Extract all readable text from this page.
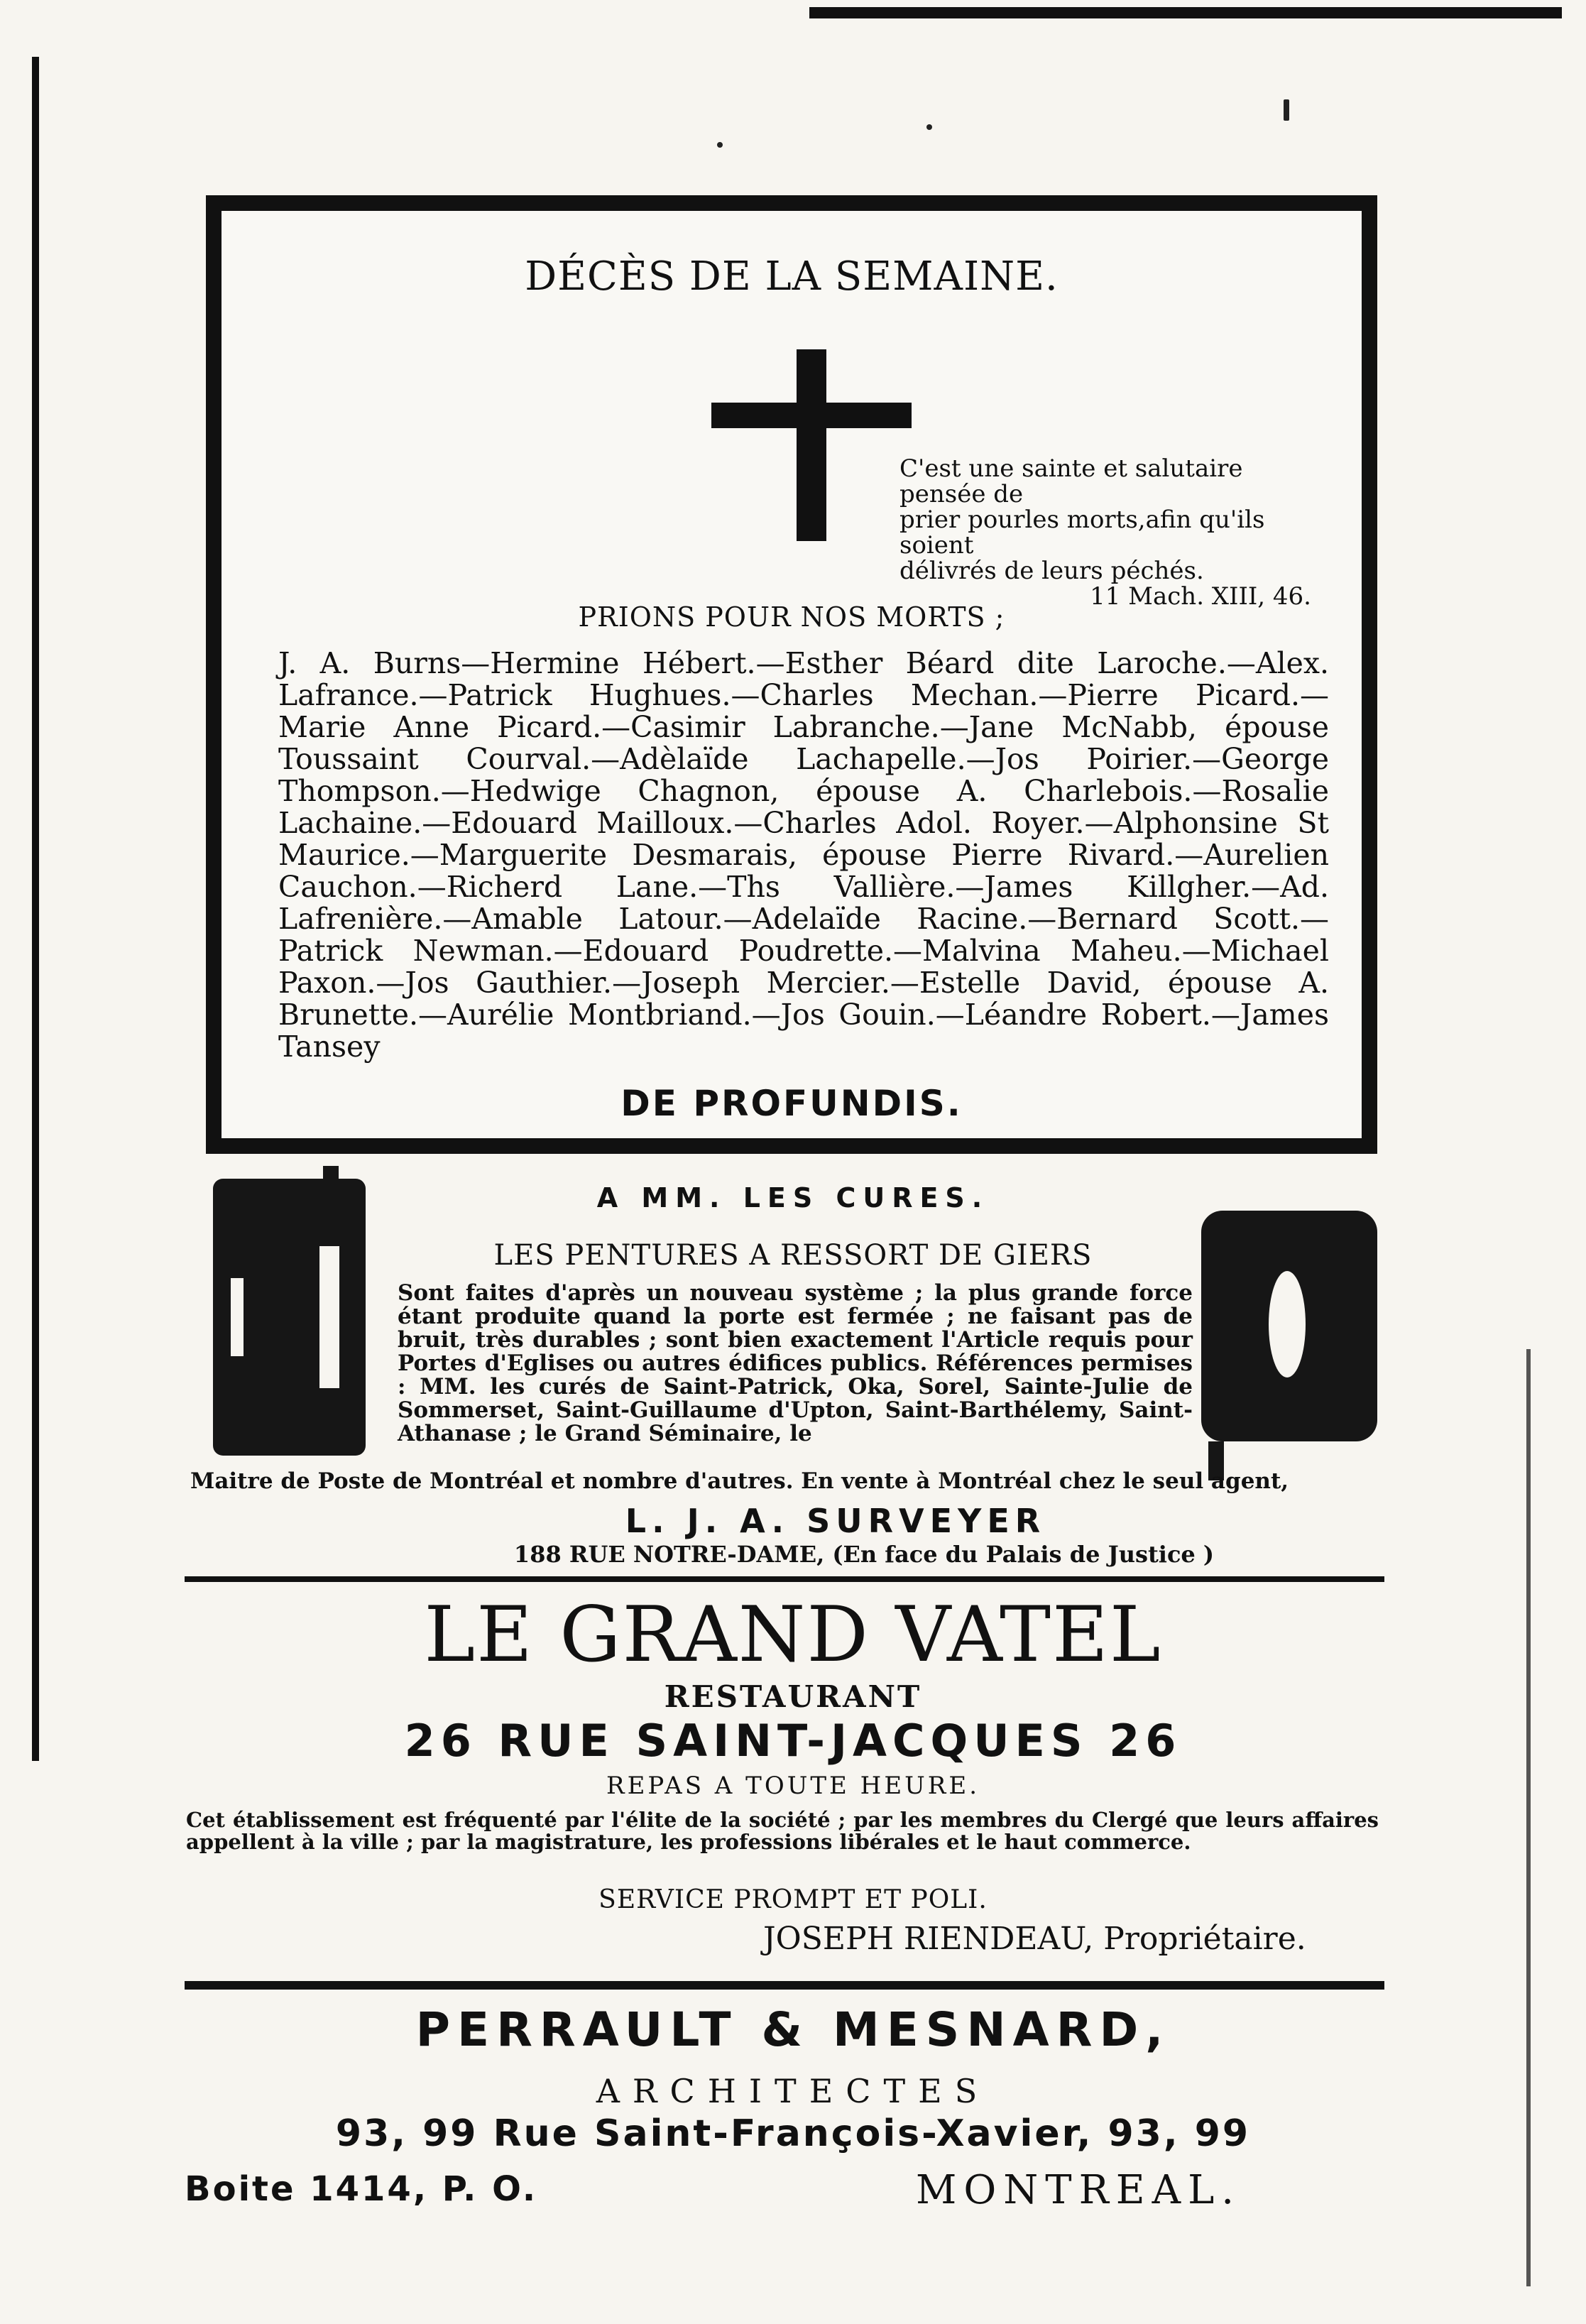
DÉCÈS DE LA SEMAINE.
C'est une sainte et salutaire pensée de
prier pourles morts,afin qu'ils soient
délivrés de leurs péchés.
11 Mach. XIII, 46.
PRIONS POUR NOS MORTS ;
J. A. Burns—Hermine Hébert.—Esther Béard dite Laroche.—Alex. Lafrance.—Patrick Hughues.—Charles Mechan.—Pierre Picard.—Marie Anne Picard.—Casimir Labranche.—Jane McNabb, épouse Toussaint Courval.—Adèlaïde Lachapelle.—Jos Poirier.—George Thompson.—Hedwige Chagnon, épouse A. Charlebois.—Rosalie Lachaine.—Edouard Mailloux.—Charles Adol. Royer.—Alphonsine St Maurice.—Marguerite Desmarais, épouse Pierre Rivard.—Aurelien Cauchon.—Richerd Lane.—Ths Vallière.—James Killgher.—Ad. Lafrenière.—Amable Latour.—Adelaïde Racine.—Bernard Scott.—Patrick Newman.—Edouard Poudrette.—Malvina Maheu.—Michael Paxon.—Jos Gauthier.—Joseph Mercier.—Estelle David, épouse A. Brunette.—Aurélie Montbriand.—Jos Gouin.—Léandre Robert.—James Tansey
DE PROFUNDIS.
A MM. LES CURES.
LES PENTURES A RESSORT DE GIERS
Sont faites d'après un nouveau système ; la plus grande force étant produite quand la porte est fermée ; ne faisant pas de bruit, très durables ; sont bien exactement l'Article requis pour Portes d'Eglises ou autres édifices publics. Références permises : MM. les curés de Saint-Patrick, Oka, Sorel, Sainte-Julie de Sommerset, Saint-Guillaume d'Upton, Saint-Barthélemy, Saint-Athanase ; le Grand Séminaire, le
Maitre de Poste de Montréal et nombre d'autres. En vente à Montréal chez le seul agent,
L. J. A. SURVEYER
188 RUE NOTRE-DAME, (En face du Palais de Justice )
LE GRAND VATEL
RESTAURANT
26 RUE SAINT-JACQUES 26
REPAS A TOUTE HEURE.
Cet établissement est fréquenté par l'élite de la société ; par les membres du Clergé que leurs affaires appellent à la ville ; par la magistrature, les professions libérales et le haut commerce.
SERVICE PROMPT ET POLI.
JOSEPH RIENDEAU, Propriétaire.
PERRAULT & MESNARD,
ARCHITECTES
93, 99 Rue Saint-François-Xavier, 93, 99
Boite 1414, P. O.	MONTREAL.
